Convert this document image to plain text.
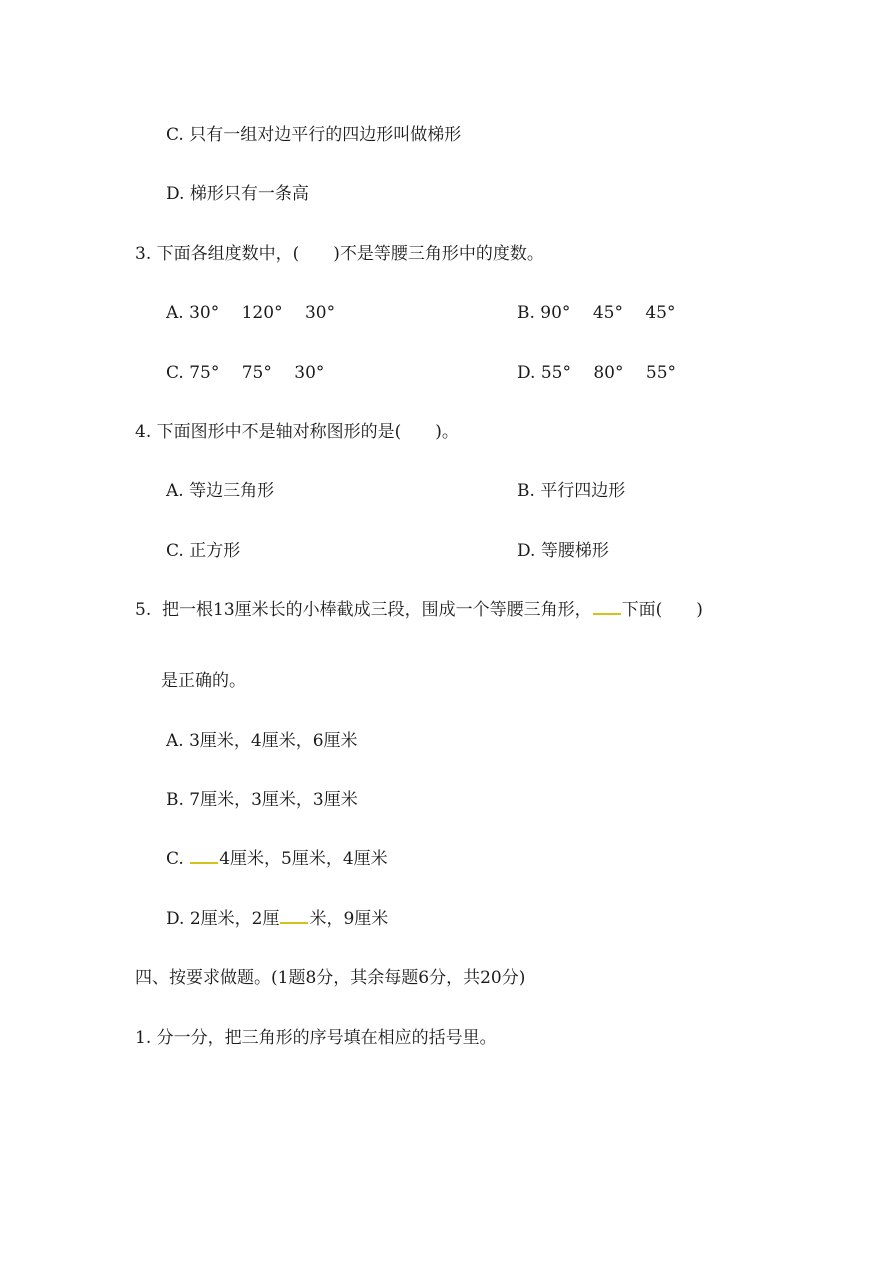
C. 只有一组对边平行的四边形叫做梯形
D. 梯形只有一条高
3. 下面各组度数中，(　　)不是等腰三角形中的度数。
A. 30°　 120°　 30°	B. 90°　 45°　 45°
C. 75°　 75°　 30°	D. 55°　 80°　 55°
4. 下面图形中不是轴对称图形的是(　　)。
A. 等边三角形	B. 平行四边形
C. 正方形	D. 等腰梯形
5.  把一根13厘米长的小棒截成三段，围成一个等腰三角形， 下面(　　)
是正确的。
A. 3厘米，4厘米，6厘米
B. 7厘米，3厘米，3厘米
C. 4厘米，5厘米，4厘米
D. 2厘米，2厘 米，9厘米
四、按要求做题。(1题8分，其余每题6分，共20分)
1. 分一分，把三角形的序号填在相应的括号里。
